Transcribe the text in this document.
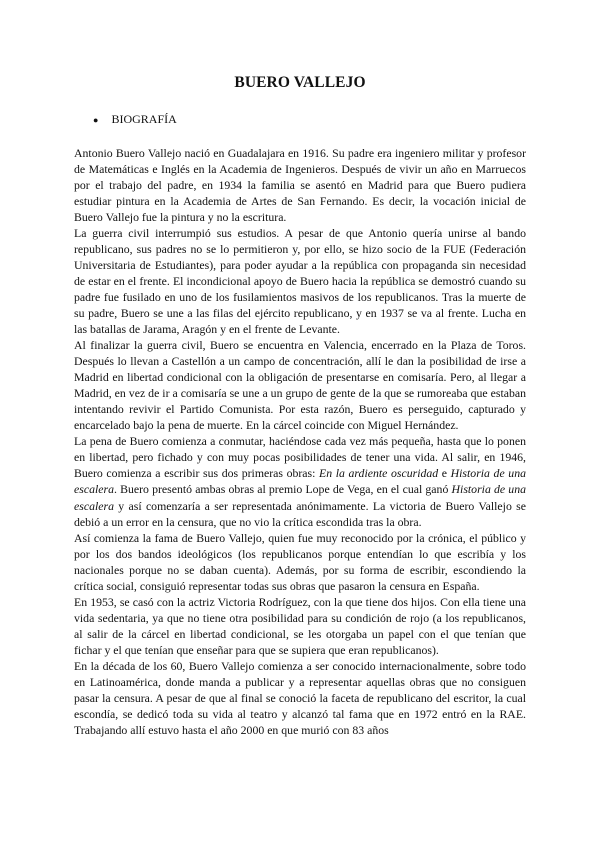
BUERO VALLEJO
● BIOGRAFÍA

Antonio Buero Vallejo nació en Guadalajara en 1916. Su padre era ingeniero militar y profesor de Matemáticas e Inglés en la Academia de Ingenieros. Después de vivir un año en Marruecos por el trabajo del padre, en 1934 la familia se asentó en Madrid para que Buero pudiera estudiar pintura en la Academia de Artes de San Fernando. Es decir, la vocación inicial de Buero Vallejo fue la pintura y no la escritura.

La guerra civil interrumpió sus estudios. A pesar de que Antonio quería unirse al bando republicano, sus padres no se lo permitieron y, por ello, se hizo socio de la FUE (Federación Universitaria de Estudiantes), para poder ayudar a la república con propaganda sin necesidad de estar en el frente. El incondicional apoyo de Buero hacia la república se demostró cuando su padre fue fusilado en uno de los fusilamientos masivos de los republicanos. Tras la muerte de su padre, Buero se une a las filas del ejército republicano, y en 1937 se va al frente. Lucha en las batallas de Jarama, Aragón y en el frente de Levante.

Al finalizar la guerra civil, Buero se encuentra en Valencia, encerrado en la Plaza de Toros. Después lo llevan a Castellón a un campo de concentración, allí le dan la posibilidad de irse a Madrid en libertad condicional con la obligación de presentarse en comisaría. Pero, al llegar a Madrid, en vez de ir a comisaría se une a un grupo de gente de la que se rumoreaba que estaban intentando revivir el Partido Comunista. Por esta razón, Buero es perseguido, capturado y encarcelado bajo la pena de muerte. En la cárcel coincide con Miguel Hernández.

La pena de Buero comienza a conmutar, haciéndose cada vez más pequeña, hasta que lo ponen en libertad, pero fichado y con muy pocas posibilidades de tener una vida. Al salir, en 1946, Buero comienza a escribir sus dos primeras obras: En la ardiente oscuridad e Historia de una escalera. Buero presentó ambas obras al premio Lope de Vega, en el cual ganó Historia de una escalera y así comenzaría a ser representada anónimamente. La victoria de Buero Vallejo se debió a un error en la censura, que no vio la crítica escondida tras la obra.

Así comienza la fama de Buero Vallejo, quien fue muy reconocido por la crónica, el público y por los dos bandos ideológicos (los republicanos porque entendían lo que escribía y los nacionales porque no se daban cuenta). Además, por su forma de escribir, escondiendo la crítica social, consiguió representar todas sus obras que pasaron la censura en España.

En 1953, se casó con la actriz Victoria Rodríguez, con la que tiene dos hijos. Con ella tiene una vida sedentaria, ya que no tiene otra posibilidad para su condición de rojo (a los republicanos, al salir de la cárcel en libertad condicional, se les otorgaba un papel con el que tenían que fichar y el que tenían que enseñar para que se supiera que eran republicanos).

En la década de los 60, Buero Vallejo comienza a ser conocido internacionalmente, sobre todo en Latinoamérica, donde manda a publicar y a representar aquellas obras que no consiguen pasar la censura. A pesar de que al final se conoció la faceta de republicano del escritor, la cual escondía, se dedicó toda su vida al teatro y alcanzó tal fama que en 1972 entró en la RAE. Trabajando allí estuvo hasta el año 2000 en que murió con 83 años
